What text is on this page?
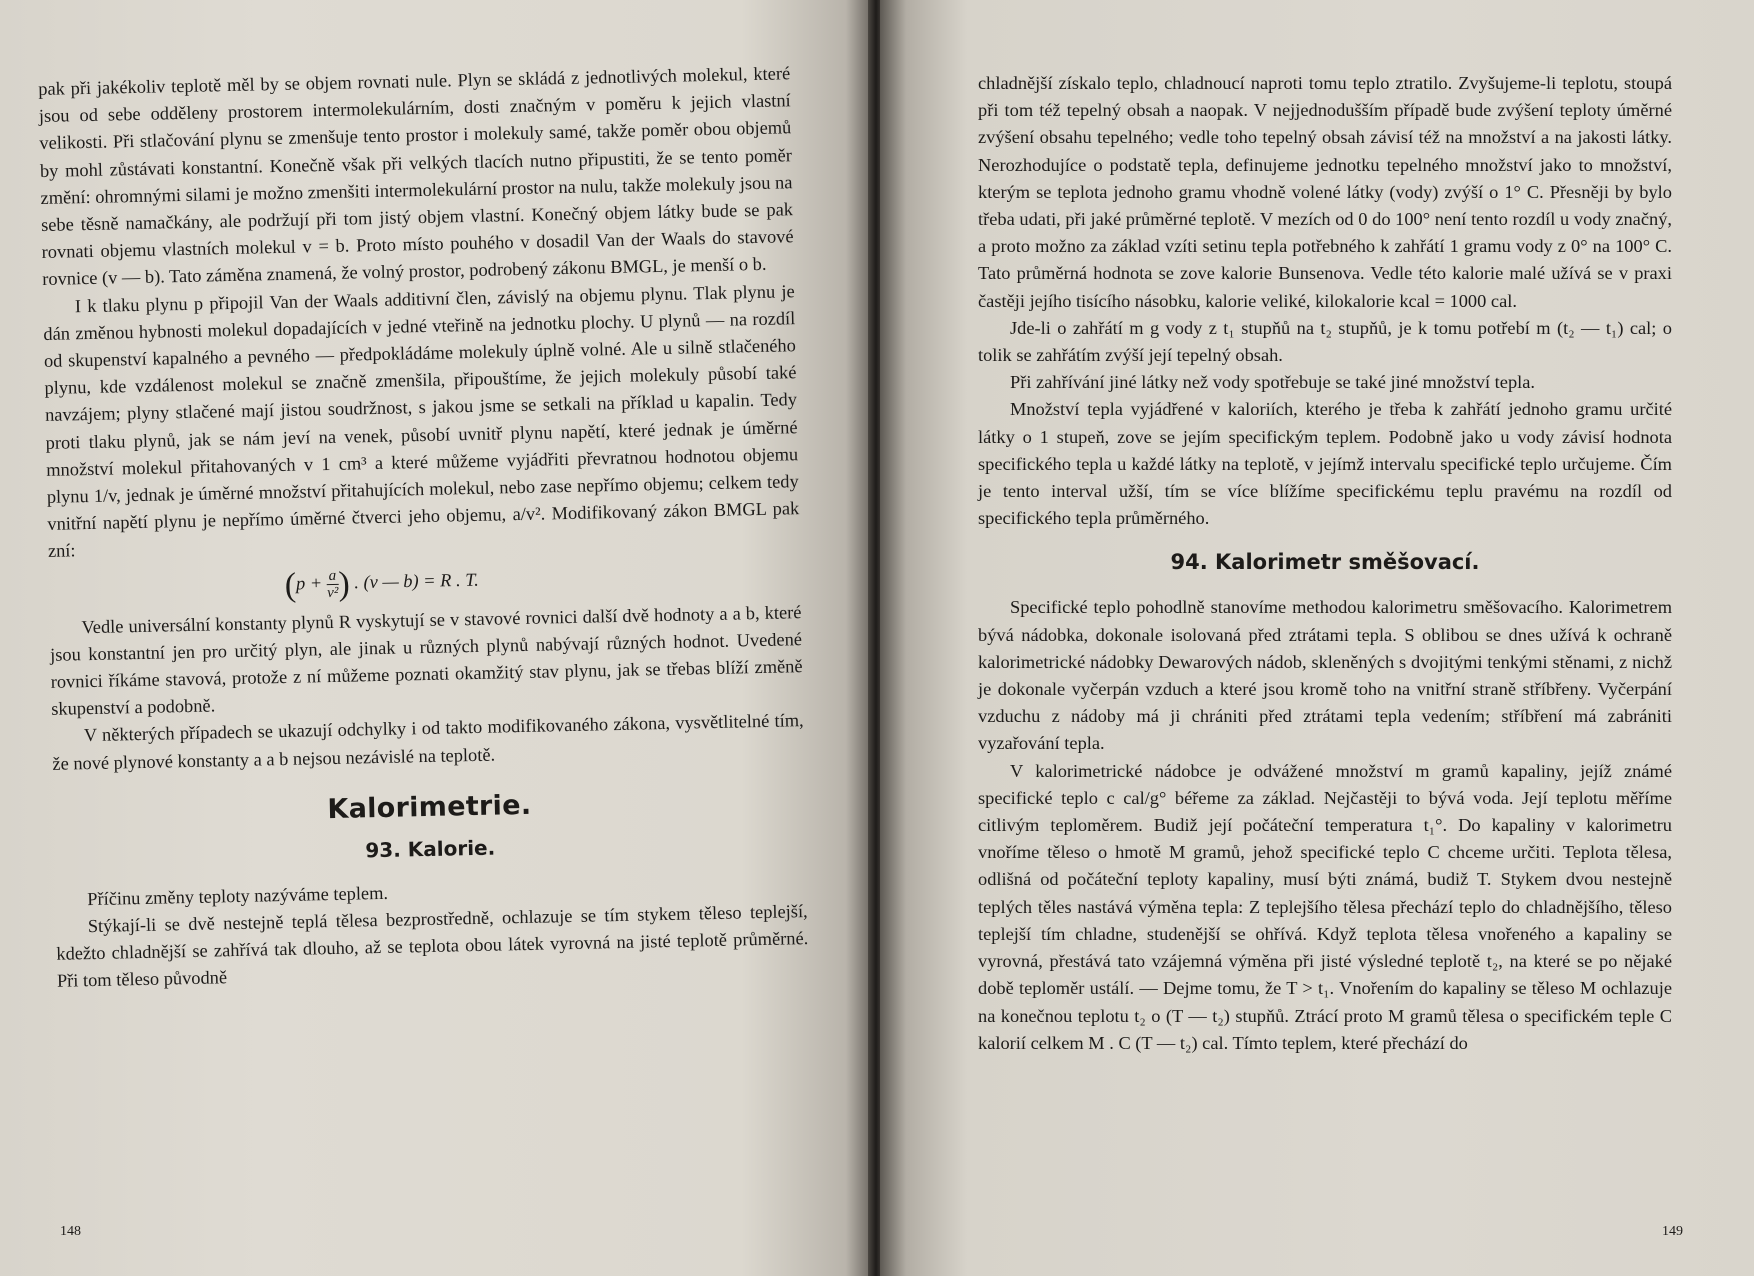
pak při jakékoliv teplotě měl by se objem rovnati nule. Plyn se skládá z jednotlivých molekul, které jsou od sebe odděleny prostorem intermolekulárním, dosti značným v poměru k jejich vlastní velikosti. Při stlačování plynu se zmenšuje tento prostor i molekuly samé, takže poměr obou objemů by mohl zůstávati konstantní. Konečně však při velkých tlacích nutno připustiti, že se tento poměr změní: ohromnými silami je možno zmenšiti intermolekulární prostor na nulu, takže molekuly jsou na sebe těsně namačkány, ale podržují při tom jistý objem vlastní. Konečný objem látky bude se pak rovnati objemu vlastních molekul v = b. Proto místo pouhého v dosadil Van der Waals do stavové rovnice (v — b). Tato záměna znamená, že volný prostor, podrobený zákonu BMGL, je menší o b.

I k tlaku plynu p připojil Van der Waals additivní člen, závislý na objemu plynu. Tlak plynu je dán změnou hybnosti molekul dopadajících v jedné vteřině na jednotku plochy. U plynů — na rozdíl od skupenství kapalného a pevného — předpokládáme molekuly úplně volné. Ale u silně stlačeného plynu, kde vzdálenost molekul se značně zmenšila, připouštíme, že jejich molekuly působí také navzájem; plyny stlačené mají jistou soudržnost, s jakou jsme se setkali na příklad u kapalin. Tedy proti tlaku plynů, jak se nám jeví na venek, působí uvnitř plynu napětí, které jednak je úměrné množství molekul přitahovaných v 1 cm³ a které můžeme vyjádřiti převratnou hodnotou objemu plynu 1/v, jednak je úměrné množství přitahujících molekul, nebo zase nepřímo objemu; celkem tedy vnitřní napětí plynu je nepřímo úměrné čtverci jeho objemu, a/v². Modifikovaný zákon BMGL pak zní:

($p + \frac{a}{\text{v²}}$ ) . (v — b) = R . T.

Vedle universální konstanty plynů R vyskytují se v stavové rovnici další dvě hodnoty a a b, které jsou konstantní jen pro určitý plyn, ale jinak u různých plynů nabývají různých hodnot. Uvedené rovnici říkáme stavová, protože z ní můžeme poznati okamžitý stav plynu, jak se třebas blíží změně skupenství a podobně.

V některých případech se ukazují odchylky i od takto modifikovaného zákona, vysvětlitelné tím, že nové plynové konstanty a a b nejsou nezávislé na teplotě.

Kalorimetrie.
93. Kalorie.

Příčinu změny teploty nazýváme teplem.

Stýkají-li se dvě nestejně teplá tělesa bezprostředně, ochlazuje se tím stykem těleso teplejší, kdežto chladnější se zahřívá tak dlouho, až se teplota obou látek vyrovná na jisté teplotě průměrné. Při tom těleso původně

148

chladnější získalo teplo, chladnoucí naproti tomu teplo ztratilo. Zvyšujeme-li teplotu, stoupá při tom též tepelný obsah a naopak. V nejjednodušším případě bude zvýšení teploty úměrné zvýšení obsahu tepelného; vedle toho tepelný obsah závisí též na množství a na jakosti látky. Nerozhodujíce o podstatě tepla, definujeme jednotku tepelného množství jako to množství, kterým se teplota jednoho gramu vhodně volené látky (vody) zvýší o 1° C. Přesněji by bylo třeba udati, při jaké průměrné teplotě. V mezích od 0 do 100° není tento rozdíl u vody značný, a proto možno za základ vzíti setinu tepla potřebného k zahřátí 1 gramu vody z 0° na 100° C. Tato průměrná hodnota se zove kalorie Bunsenova. Vedle této kalorie malé užívá se v praxi častěji jejího tisícího násobku, kalorie veliké, kilokalorie kcal = 1000 cal.

Jde-li o zahřátí m g vody z t₁ stupňů na t₂ stupňů, je k tomu potřebí m (t₂ — t₁) cal; o tolik se zahřátím zvýší její tepelný obsah.

Při zahřívání jiné látky než vody spotřebuje se také jiné množství tepla.

Množství tepla vyjádřené v kaloriích, kterého je třeba k zahřátí jednoho gramu určité látky o 1 stupeň, zove se jejím specifickým teplem. Podobně jako u vody závisí hodnota specifického tepla u každé látky na teplotě, v jejímž intervalu specifické teplo určujeme. Čím je tento interval užší, tím se více blížíme specifickému teplu pravému na rozdíl od specifického tepla průměrného.

94. Kalorimetr směšovací.

Specifické teplo pohodlně stanovíme methodou kalorimetru směšovacího. Kalorimetrem bývá nádobka, dokonale isolovaná před ztrátami tepla. S oblibou se dnes užívá k ochraně kalorimetrické nádobky Dewarových nádob, skleněných s dvojitými tenkými stěnami, z nichž je dokonale vyčerpán vzduch a které jsou kromě toho na vnitřní straně stříbřeny. Vyčerpání vzduchu z nádoby má ji chrániti před ztrátami tepla vedením; stříbření má zabrániti vyzařování tepla.

V kalorimetrické nádobce je odvážené množství m gramů kapaliny, jejíž známé specifické teplo c cal/g° béřeme za základ. Nejčastěji to bývá voda. Její teplotu měříme citlivým teploměrem. Budiž její počáteční temperatura t₁°. Do kapaliny v kalorimetru vnoříme těleso o hmotě M gramů, jehož specifické teplo C chceme určiti. Teplota tělesa, odlišná od počáteční teploty kapaliny, musí býti známá, budiž T. Stykem dvou nestejně teplých těles nastává výměna tepla: Z teplejšího tělesa přechází teplo do chladnějšího, těleso teplejší tím chladne, studenější se ohřívá. Když teplota tělesa vnořeného a kapaliny se vyrovná, přestává tato vzájemná výměna při jisté výsledné teplotě t₂, na které se po nějaké době teploměr ustálí. — Dejme tomu, že T > t₁. Vnořením do kapaliny se těleso M ochlazuje na konečnou teplotu t₂ o (T — t₂) stupňů. Ztrácí proto M gramů tělesa o specifickém teple C kalorií celkem M . C (T — t₂) cal. Tímto teplem, které přechází do

149
